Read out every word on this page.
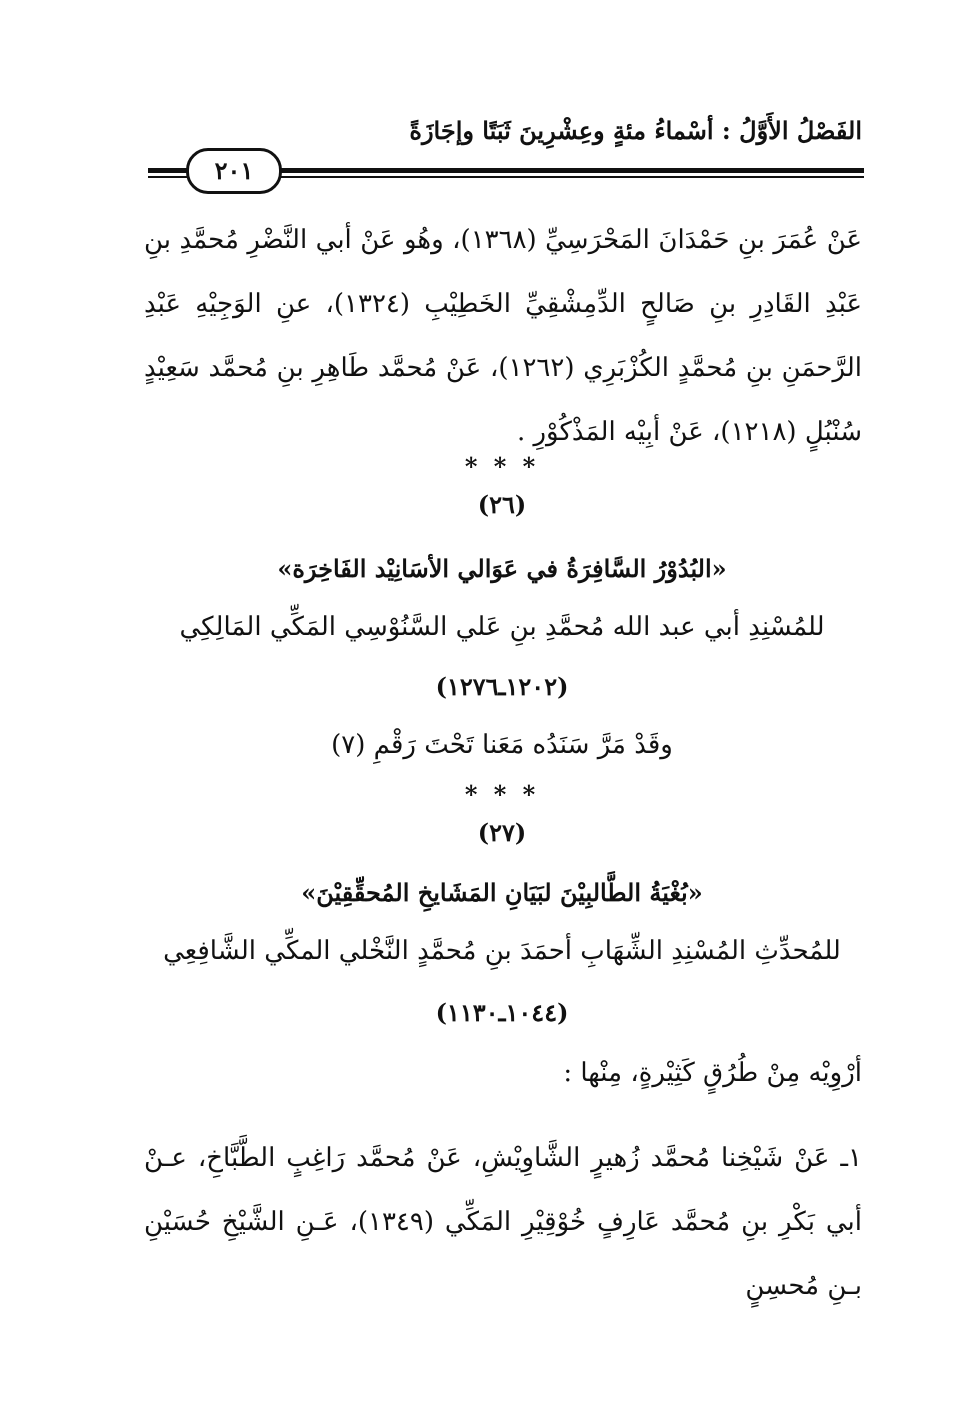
الفَصْلُ الأَوَّلُ : أسْماءُ مئةٍ وعِشْرِينَ ثَبَتًا وإجَازَةً
٢٠١
عَنْ عُمَرَ بنِ حَمْدَانَ المَحْرَسِيِّ (١٣٦٨)، وهُو عَنْ أبي النَّضْرِ مُحمَّدِ بنِ عَبْدِ القَادِرِ بنِ صَالحٍ الدِّمِشْقِيِّ الخَطِيْبِ (١٣٢٤)، عنِ الوَجِيْهِ عَبْدِ الرَّحمَنِ بنِ مُحمَّدٍ الكُزْبَرِي (١٢٦٢)، عَنْ مُحمَّد طَاهِرِ بنِ مُحمَّد سَعِيْدٍ سُنْبُلٍ (١٢١٨)، عَنْ أبِيْه المَذْكُوْرِ .
* * *
(٢٦)
«البُدُوْرُ السَّافِرَةُ في عَوَالي الأسَانِيْد الفَاخِرَة»
للمُسْنِدِ أبي عبد الله مُحمَّدِ بنِ عَلي السَّنُوْسِي المَكِّي المَالِكِي
(١٢٠٢ـ١٢٧٦)
وقَدْ مَرَّ سَنَدُه مَعَنا تَحْتَ رَقْمِ (٧)
* * *
(٢٧)
«بُغْيَةُ الطَّالبِيْنَ لبَيَانِ المَشَايخِ المُحقِّقِيْنَ»
للمُحدِّثِ المُسْنِدِ الشِّهَابِ أحمَدَ بنِ مُحمَّدٍ النَّخْلي المكِّي الشَّافِعِي
(١٠٤٤ـ١١٣٠)
أرْوِيْه مِنْ طُرُقٍ كَثِيْرةٍ، مِنْها :
١ـ عَنْ شَيْخِنا مُحمَّد زُهيرٍ الشَّاوِيْشِ، عَنْ مُحمَّد رَاغِبٍ الطَّبَّاخِ، عـنْ أبي بَكْرِ بنِ مُحمَّد عَارِفٍ خُوْقِيْرِ المَكِّي (١٣٤٩)، عَـنِ الشَّيْخِ حُسَيْنِ بـنِ مُحسِنٍ
